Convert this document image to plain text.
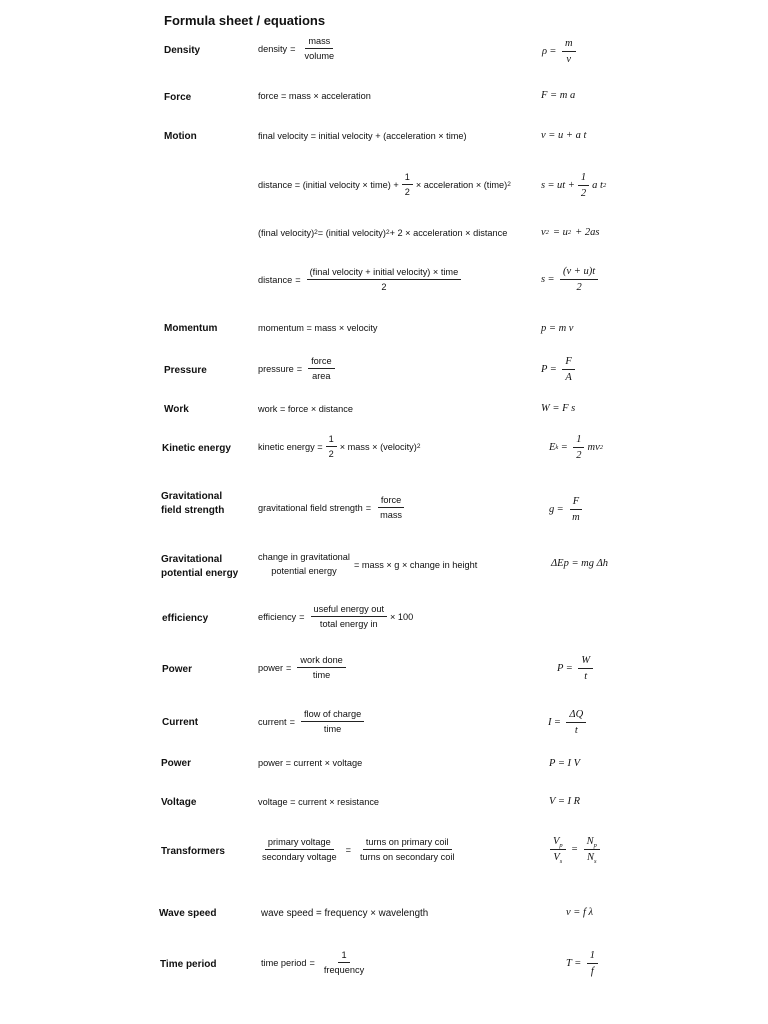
Formula sheet / equations
Density
Force
Motion
Momentum
Pressure
Work
Kinetic energy
Gravitational
field strength
Gravitational
potential energy
efficiency
Power
Current
Power
Voltage
Transformers
Wave speed
Time period
density = $\frac{\text{mass}}{\text{volume}}$
force = mass × acceleration
final velocity = initial velocity + (acceleration × time)
distance = (initial velocity × time) + $\frac{1}{2}$ × acceleration × (time) 2
(final velocity) 2 = (initial velocity) 2 + 2 × acceleration × distance
distance = $\frac{\text{(final velocity + initial velocity) × time}}{2}$
momentum = mass × velocity
pressure = $\frac{\text{force}}{\text{area}}$
work = force × distance
kinetic energy = $\frac{1}{2}$ × mass × (velocity) 2
gravitational field strength = $\frac{\text{force}}{\text{mass}}$
change in gravitational
potential energy
= mass × g × change in height
efficiency = $\frac{\text{useful energy out}}{\text{total energy in}} \times 100$
power = $\frac{\text{work done}}{\text{time}}$
current = $\frac{\text{flow of charge}}{\text{time}}$
power = current × voltage
voltage = current × resistance
$\frac{\text{primary voltage}}{\text{secondary voltage}} = \frac{\text{turns on primary coil}}{\text{turns on secondary coil}}$
wave speed = frequency × wavelength
time period = $\frac{1}{\text{frequency}}$
$\rho = \frac{m}{v}$
F = m a
v = u + a t
s = ut + $\frac{1}{2}$ a t 2
v 2 = u 2 + 2as
$s = \frac{(v + u)t}{2}$
p = m v
$P = \frac{F}{A}$
W = F s
E $k = \frac{1}{2}$ mv 2
$g = \frac{F}{m}$
ΔEp = mg Δh
$P = \frac{W}{t}$
$I = \frac{\Delta Q}{t}$
P = I V
V = I R
$\frac{V_p}{V_s} = \frac{N_p}{N_s}$
v = f λ
$T = \frac{1}{f}$
